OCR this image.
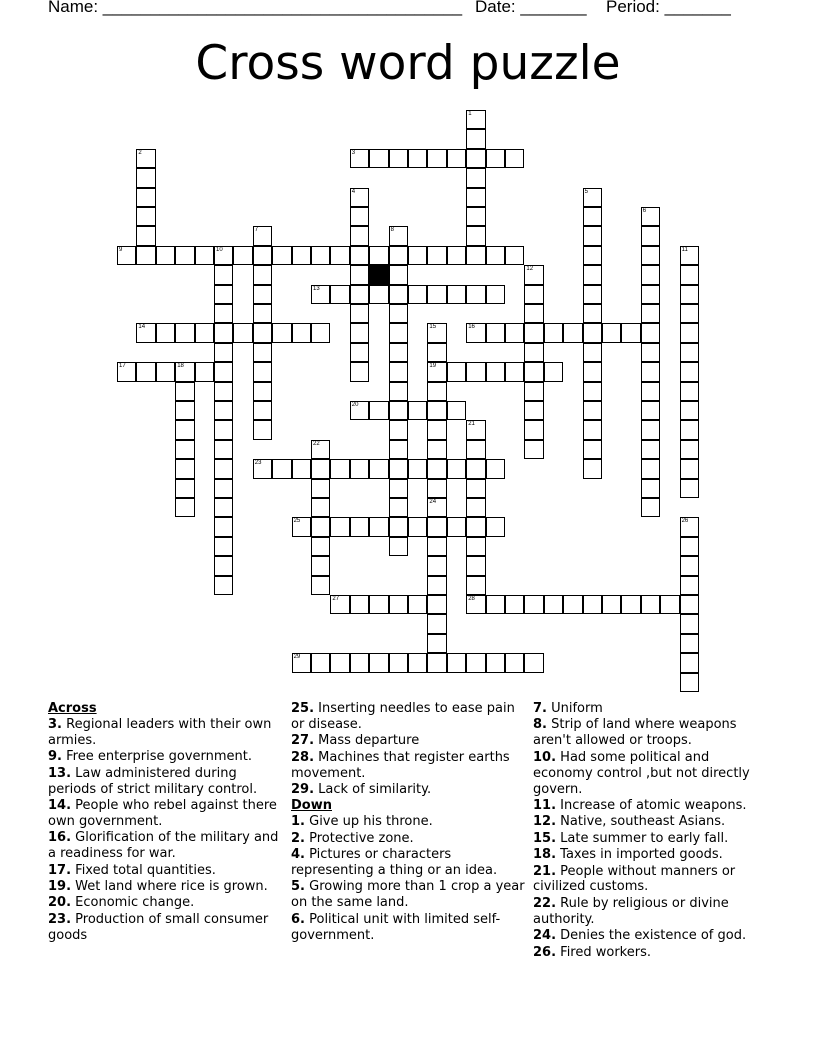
Name: ______________________________________ Date: _______ Period: _______
Cross word puzzle
1
2	3
4	5
6
7	8
9	10	11
12
13
14	15
19
24
16
17	18
20
21
28
22
23
25	26
27
29
Across
3. Regional leaders with their own armies.
9. Free enterprise government.
13. Law administered during periods of strict military control.
14. People who rebel against there own government.
16. Glorification of the military and a readiness for war.
17. Fixed total quantities.
19. Wet land where rice is grown.
20. Economic change.
23. Production of small consumer goods
25. Inserting needles to ease pain or disease.
27. Mass departure
28. Machines that register earths movement.
29. Lack of similarity.
Down
1. Give up his throne.
2. Protective zone.
4. Pictures or characters representing a thing or an idea.
5. Growing more than 1 crop a year on the same land.
6. Political unit with limited self-government.
7. Uniform
8. Strip of land where weapons aren't allowed or troops.
10. Had some political and economy control ,but not directly govern.
11. Increase of atomic weapons.
12. Native, southeast Asians.
15. Late summer to early fall.
18. Taxes in imported goods.
21. People without manners or civilized customs.
22. Rule by religious or divine authority.
24. Denies the existence of god.
26. Fired workers.
